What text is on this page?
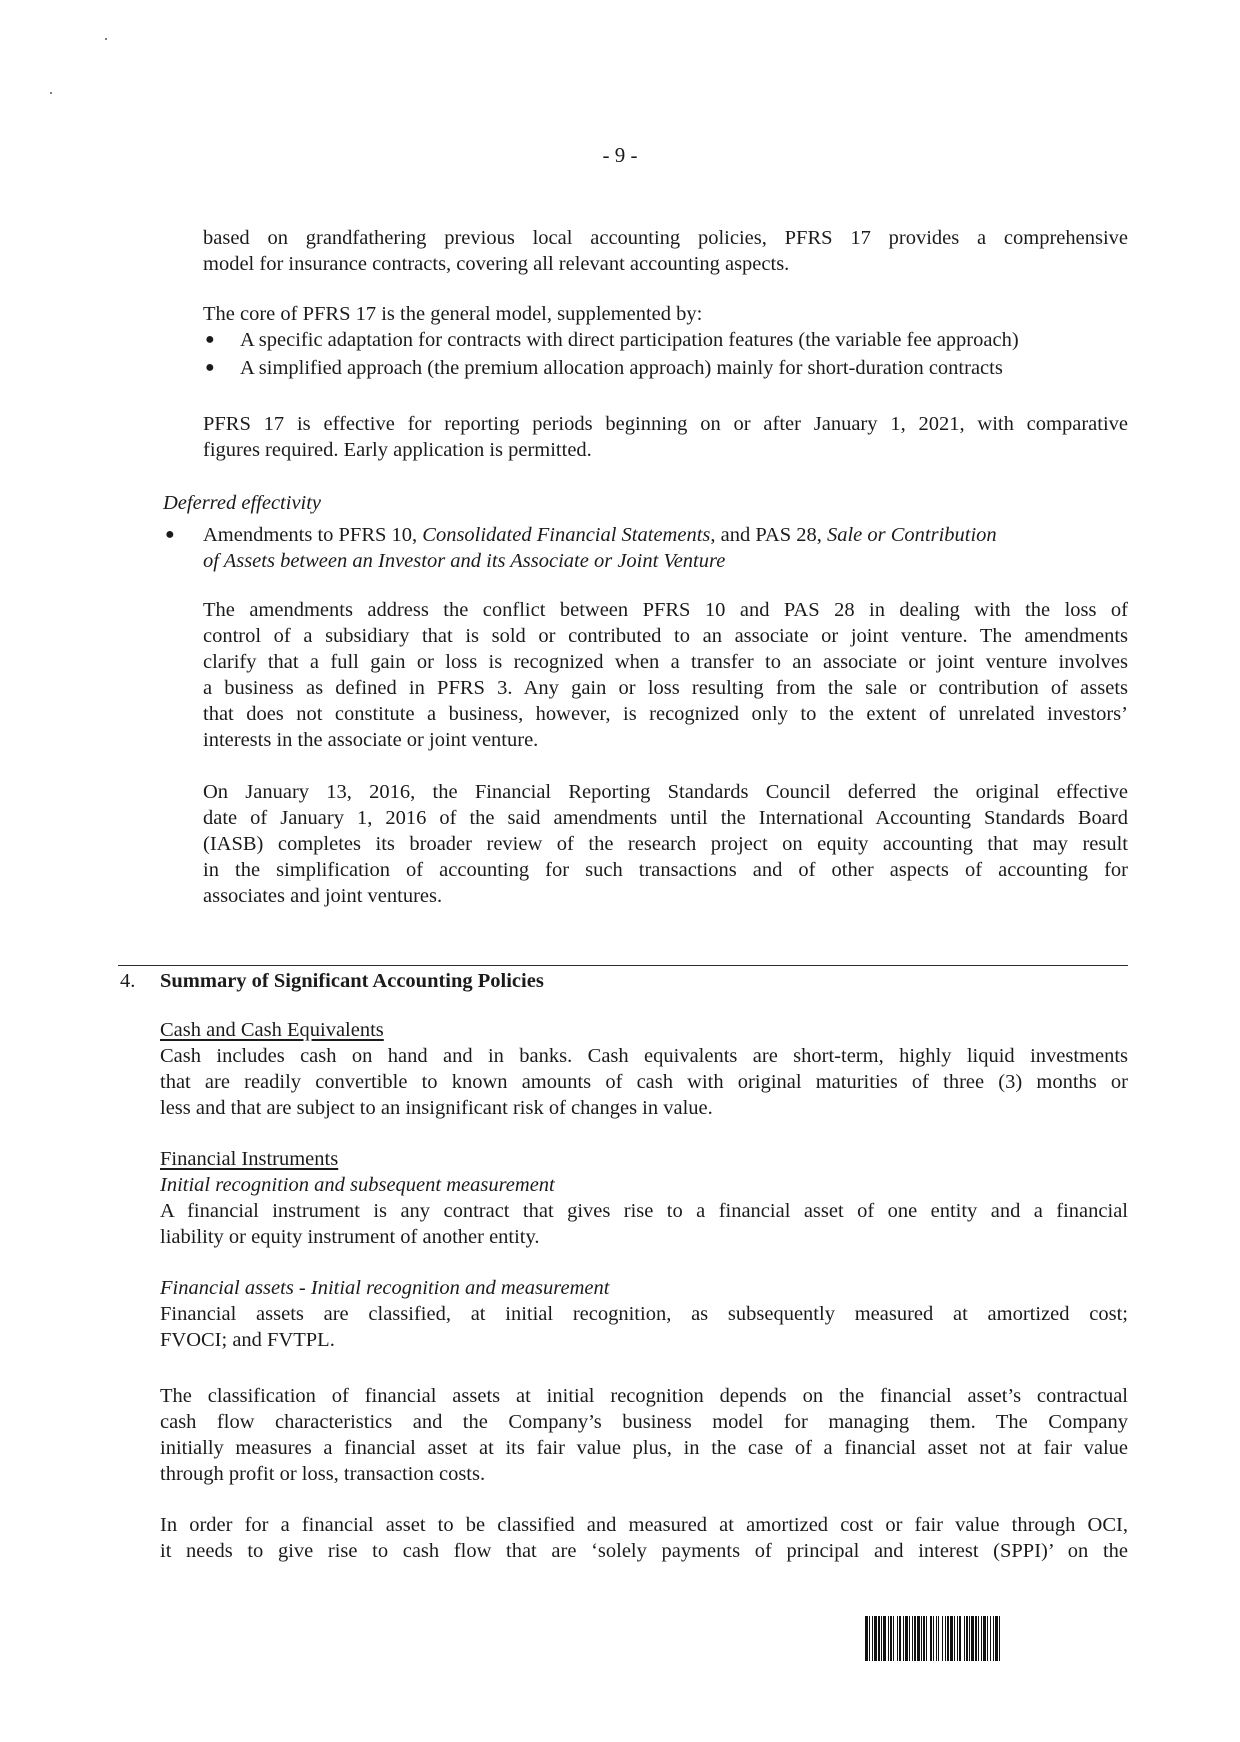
- 9 -
based on grandfathering previous local accounting policies, PFRS 17 provides a comprehensive
model for insurance contracts, covering all relevant accounting aspects.
The core of PFRS 17 is the general model, supplemented by:
● A specific adaptation for contracts with direct participation features (the variable fee approach)
● A simplified approach (the premium allocation approach) mainly for short-duration contracts
PFRS 17 is effective for reporting periods beginning on or after January 1, 2021, with comparative
figures required. Early application is permitted.
Deferred effectivity
● Amendments to PFRS 10, Consolidated Financial Statements, and PAS 28, Sale or Contribution
of Assets between an Investor and its Associate or Joint Venture
The amendments address the conflict between PFRS 10 and PAS 28 in dealing with the loss of
control of a subsidiary that is sold or contributed to an associate or joint venture. The amendments
clarify that a full gain or loss is recognized when a transfer to an associate or joint venture involves
a business as defined in PFRS 3. Any gain or loss resulting from the sale or contribution of assets
that does not constitute a business, however, is recognized only to the extent of unrelated investors’
interests in the associate or joint venture.
On January 13, 2016, the Financial Reporting Standards Council deferred the original effective
date of January 1, 2016 of the said amendments until the International Accounting Standards Board
(IASB) completes its broader review of the research project on equity accounting that may result
in the simplification of accounting for such transactions and of other aspects of accounting for
associates and joint ventures.
4. Summary of Significant Accounting Policies
Cash and Cash Equivalents
Cash includes cash on hand and in banks. Cash equivalents are short-term, highly liquid investments
that are readily convertible to known amounts of cash with original maturities of three (3) months or
less and that are subject to an insignificant risk of changes in value.
Financial Instruments
Initial recognition and subsequent measurement
A financial instrument is any contract that gives rise to a financial asset of one entity and a financial
liability or equity instrument of another entity.
Financial assets - Initial recognition and measurement
Financial assets are classified, at initial recognition, as subsequently measured at amortized cost;
FVOCI; and FVTPL.
The classification of financial assets at initial recognition depends on the financial asset’s contractual
cash flow characteristics and the Company’s business model for managing them. The Company
initially measures a financial asset at its fair value plus, in the case of a financial asset not at fair value
through profit or loss, transaction costs.
In order for a financial asset to be classified and measured at amortized cost or fair value through OCI,
it needs to give rise to cash flow that are ‘solely payments of principal and interest (SPPI)’ on the
